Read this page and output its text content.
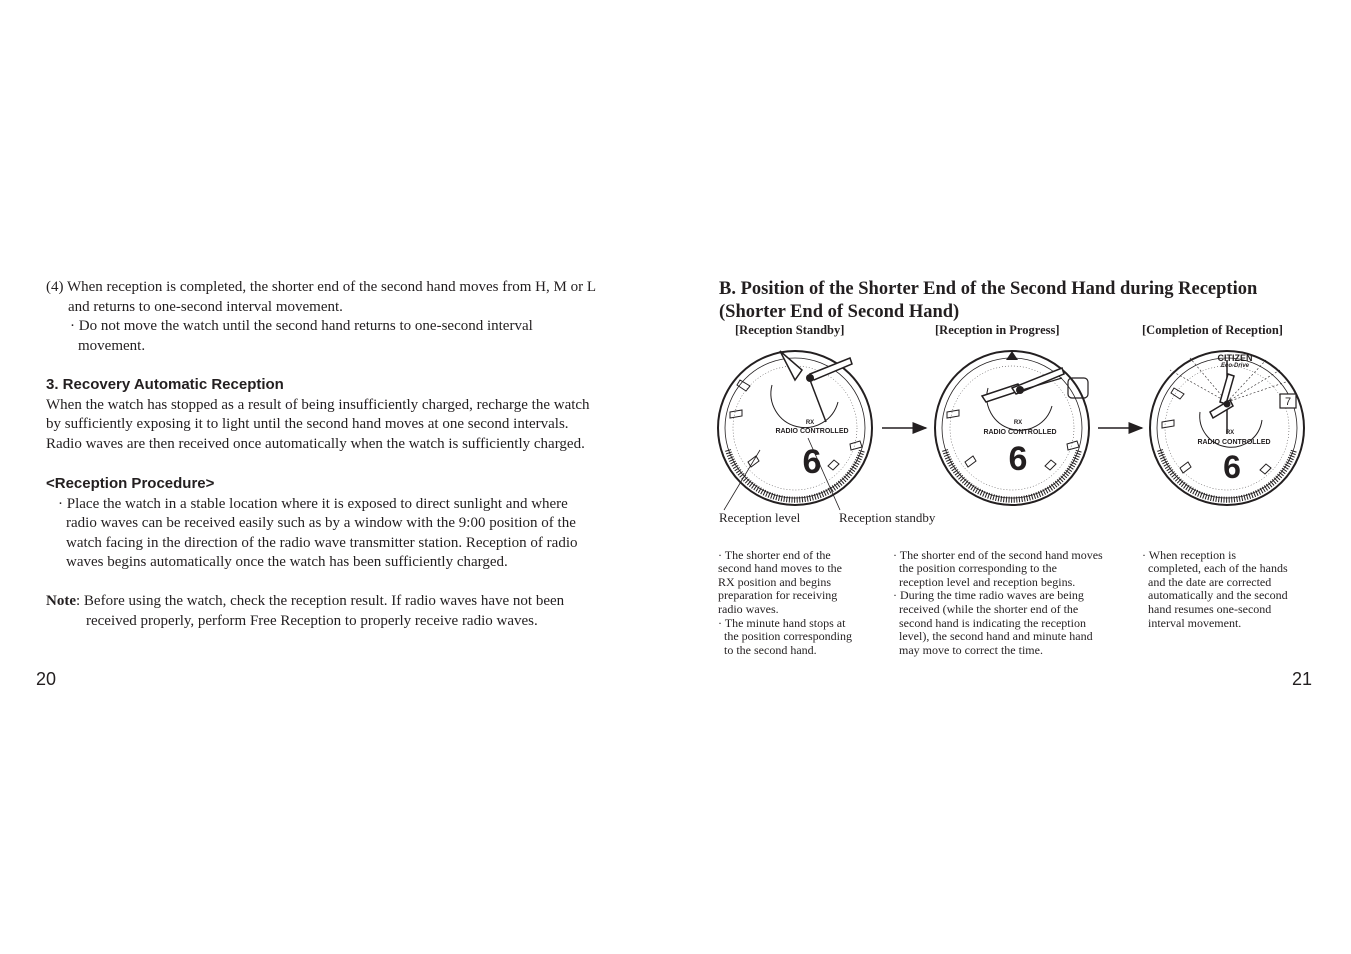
(4) When reception is completed, the shorter end of the second hand moves from H, M or L
and returns to one-second interval movement.
· Do not move the watch until the second hand returns to one-second interval
movement.
3. Recovery Automatic Reception
When the watch has stopped as a result of being insufficiently charged, recharge the watch
by sufficiently exposing it to light until the second hand moves at one second intervals.
Radio waves are then received once automatically when the watch is sufficiently charged.
<Reception Procedure>
· Place the watch in a stable location where it is exposed to direct sunlight and where
radio waves can be received easily such as by a window with the 9:00 position of the
watch facing in the direction of the radio wave transmitter station. Reception of radio
waves begins automatically once the watch has been sufficiently charged.
Note: Before using the watch, check the reception result. If radio waves have not been
received properly, perform Free Reception to properly receive radio waves.
20
B. Position of the Shorter End of the Second Hand during Reception
(Shorter End of Second Hand)
[Reception Standby]	[Reception in Progress]	[Completion of Reception]
RX
RADIO CONTROLLED
6
RX
RADIO CONTROLLED
6
CITIZEN
Eco-Drive
7
RX
RADIO CONTROLLED
6
Reception level	Reception standby

· The shorter end of the
second hand moves to the
RX position and begins
preparation for receiving
radio waves.
· The minute hand stops at
the position corresponding
to the second hand.

· The shorter end of the second hand moves
the position corresponding to the
reception level and reception begins.
· During the time radio waves are being
received (while the shorter end of the
second hand is indicating the reception
level), the second hand and minute hand
may move to correct the time.

· When reception is
completed, each of the hands
and the date are corrected
automatically and the second
hand resumes one-second
interval movement.

21
